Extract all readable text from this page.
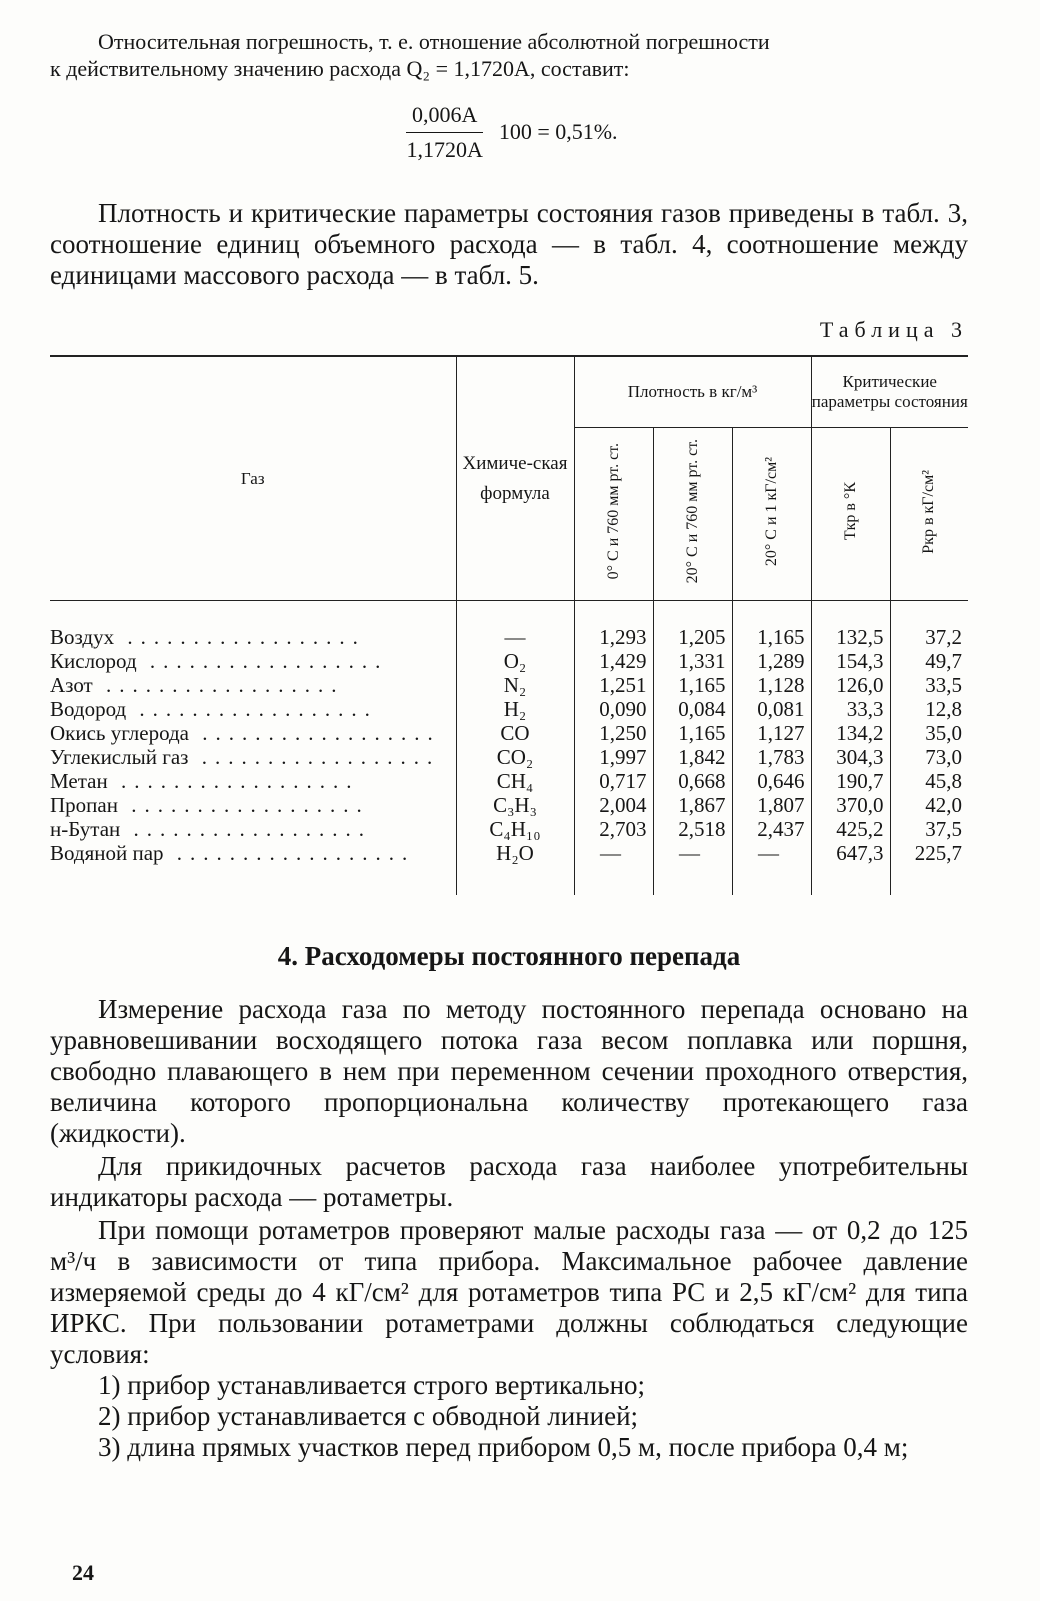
Относительная погрешность, т. е. отношение абсолютной погрешности
к действительному значению расхода Q₂ = 1,1720A, составит:

$\frac{0,006A}{1,1720A} 100 = 0,51\%$.

Плотность и критические параметры состояния газов приведены в табл. 3, соотношение единиц объемного расхода — в табл. 4, соотношение между единицами массового расхода — в табл. 5.

Таблица 3
Газ	Химиче-ская формула	Плотность в кг/м³			Критические параметры состояния	
		0° С и 760 мм рт. ст.	20° С и 760 мм рт. ст.	20° С и 1 кГ/см²	Tкр в °К	Pкр в кГ/см²

Воздух ..................	—	1,293	1,205	1,165	132,5	37,2
Кислород ..................	O₂	1,429	1,331	1,289	154,3	49,7
Азот ..................	N₂	1,251	1,165	1,128	126,0	33,5
Водород ..................	H₂	0,090	0,084	0,081	33,3	12,8
Окись углерода ..................	CO	1,250	1,165	1,127	134,2	35,0
Углекислый газ ..................	CO₂	1,997	1,842	1,783	304,3	73,0
Метан ..................	CH₄	0,717	0,668	0,646	190,7	45,8
Пропан ..................	C₃H₃	2,004	1,867	1,807	370,0	42,0
н-Бутан ..................	C₄H₁₀	2,703	2,518	2,437	425,2	37,5
Водяной пар ..................	H₂O	—	—	—	647,3	225,7

4. Расходомеры постоянного перепада

Измерение расхода газа по методу постоянного перепада основано на уравновешивании восходящего потока газа весом поплавка или поршня, свободно плавающего в нем при переменном сечении проходного отверстия, величина которого пропорциональна количеству протекающего газа (жидкости).

Для прикидочных расчетов расхода газа наиболее употребительны индикаторы расхода — ротаметры.

При помощи ротаметров проверяют малые расходы газа — от 0,2 до 125 м³/ч в зависимости от типа прибора. Максимальное рабочее давление измеряемой среды до 4 кГ/см² для ротаметров типа РС и 2,5 кГ/см² для типа ИРКС. При пользовании ротаметрами должны соблюдаться следующие условия:

1) прибор устанавливается строго вертикально;
2) прибор устанавливается с обводной линией;
3) длина прямых участков перед прибором 0,5 м, после прибора 0,4 м;
24
